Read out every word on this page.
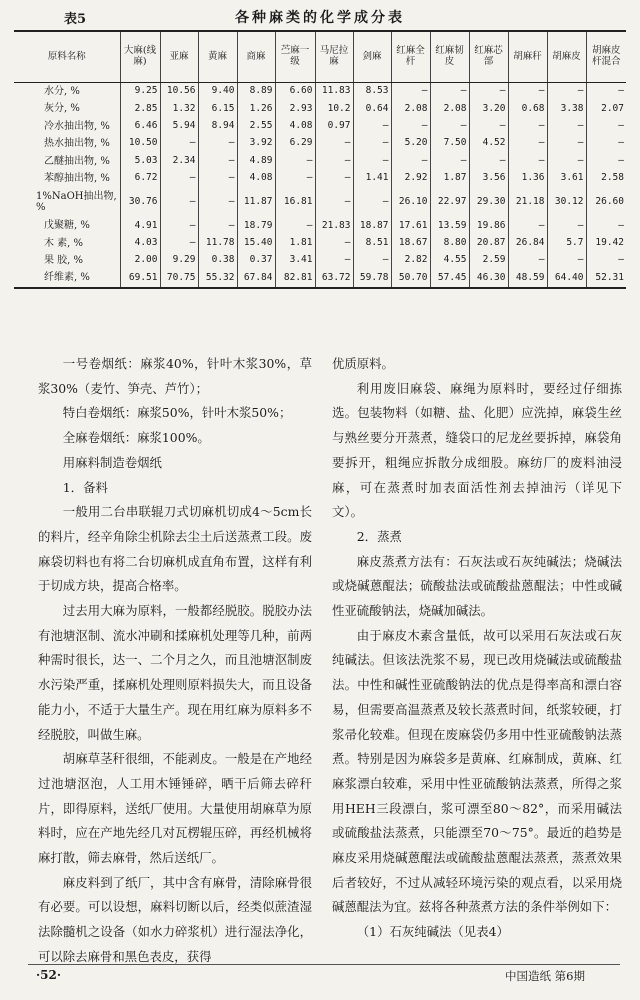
表5	各种麻类的化学成分表
原料名称	大麻(线麻)	亚麻	黄麻	商麻	苎麻一级	马尼拉麻	剑麻	红麻全杆	红麻韧皮	红麻芯部	胡麻秆	胡麻皮	胡麻皮杆混合
水分, %	9.25	10.56	9.40	8.89	6.60	11.83	8.53	—	—	—	—	—	—
灰分, %	2.85	1.32	6.15	1.26	2.93	10.2	0.64	2.08	2.08	3.20	0.68	3.38	2.07
冷水抽出物, %	6.46	5.94	8.94	2.55	4.08	0.97	—	—	—	—	—	—	—
热水抽出物, %	10.50	—	—	3.92	6.29	—	—	5.20	7.50	4.52	—	—	—
乙醚抽出物, %	5.03	2.34	—	4.89	—	—	—	—	—	—	—	—	—
苯醇抽出物, %	6.72	—	—	4.08	—	—	1.41	2.92	1.87	3.56	1.36	3.61	2.58
1%NaOH抽出物, %	30.76	—	—	11.87	16.81	—	—	26.10	22.97	29.30	21.18	30.12	26.60
戊聚糖, %	4.91	—	—	18.79	—	21.83	18.87	17.61	13.59	19.86	—	—	—
木 素, %	4.03	—	11.78	15.40	1.81	—	8.51	18.67	8.80	20.87	26.84	5.7	19.42
果 胶, %	2.00	9.29	0.38	0.37	3.41	—	—	2.82	4.55	2.59	—	—	—
纤维素, %	69.51	70.75	55.32	67.84	82.81	63.72	59.78	50.70	57.45	46.30	48.59	64.40	52.31

一号卷烟纸：麻浆40%，针叶木浆30%，草浆30%（麦竹、笋壳、芦竹）；

特白卷烟纸：麻浆50%，针叶木浆50%；

全麻卷烟纸：麻浆100%。

用麻料制造卷烟纸

1．备料

一般用二台串联辊刀式切麻机切成4～5cm长的料片，经辛角除尘机除去尘土后送蒸煮工段。废麻袋切料也有将二台切麻机成直角布置，这样有利于切成方块，提高合格率。

过去用大麻为原料，一般都经脱胶。脱胶办法有池塘沤制、流水冲刷和揉麻机处理等几种，前两种需时很长，达一、二个月之久，而且池塘沤制废水污染严重，揉麻机处理则原料损失大，而且设备能力小，不适于大量生产。现在用红麻为原料多不经脱胶，叫做生麻。

胡麻草茎秆很细，不能剥皮。一般是在产地经过池塘沤泡，人工用木锤锤碎，晒干后筛去碎秆片，即得原料，送纸厂使用。大量使用胡麻草为原料时，应在产地先经几对瓦楞辊压碎，再经机械将麻打散，筛去麻骨，然后送纸厂。

麻皮料到了纸厂，其中含有麻骨，清除麻骨很有必要。可以设想，麻料切断以后，经类似蔗渣湿法除髓机之设备（如水力碎浆机）进行湿法净化，可以除去麻骨和黑色表皮，获得

优质原料。

利用废旧麻袋、麻绳为原料时，要经过仔细拣选。包装物料（如糖、盐、化肥）应洗掉，麻袋生丝与熟丝要分开蒸煮，缝袋口的尼龙丝要拆掉，麻袋角要拆开，粗绳应拆散分成细股。麻纺厂的废料油浸麻，可在蒸煮时加表面活性剂去掉油污（详见下文）。

2．蒸煮

麻皮蒸煮方法有：石灰法或石灰纯碱法；烧碱法或烧碱蒽醌法；硫酸盐法或硫酸盐蒽醌法；中性或碱性亚硫酸钠法，烧碱加碱法。

由于麻皮木素含量低，故可以采用石灰法或石灰纯碱法。但该法洗浆不易，现已改用烧碱法或硫酸盐法。中性和碱性亚硫酸钠法的优点是得率高和漂白容易，但需要高温蒸煮及较长蒸煮时间，纸浆较硬，打浆帚化较难。但现在废麻袋仍多用中性亚硫酸钠法蒸煮。特别是因为麻袋多是黄麻、红麻制成，黄麻、红麻浆漂白较难，采用中性亚硫酸钠法蒸煮，所得之浆用HEH三段漂白，浆可漂至80～82°，而采用碱法或硫酸盐法蒸煮，只能漂至70～75°。最近的趋势是麻皮采用烧碱蒽醌法或硫酸盐蒽醌法蒸煮，蒸煮效果后者较好，不过从减轻环境污染的观点看，以采用烧碱蒽醌法为宜。兹将各种蒸煮方法的条件举例如下：

（1）石灰纯碱法（见表4）

·52·	中国造纸 第6期
